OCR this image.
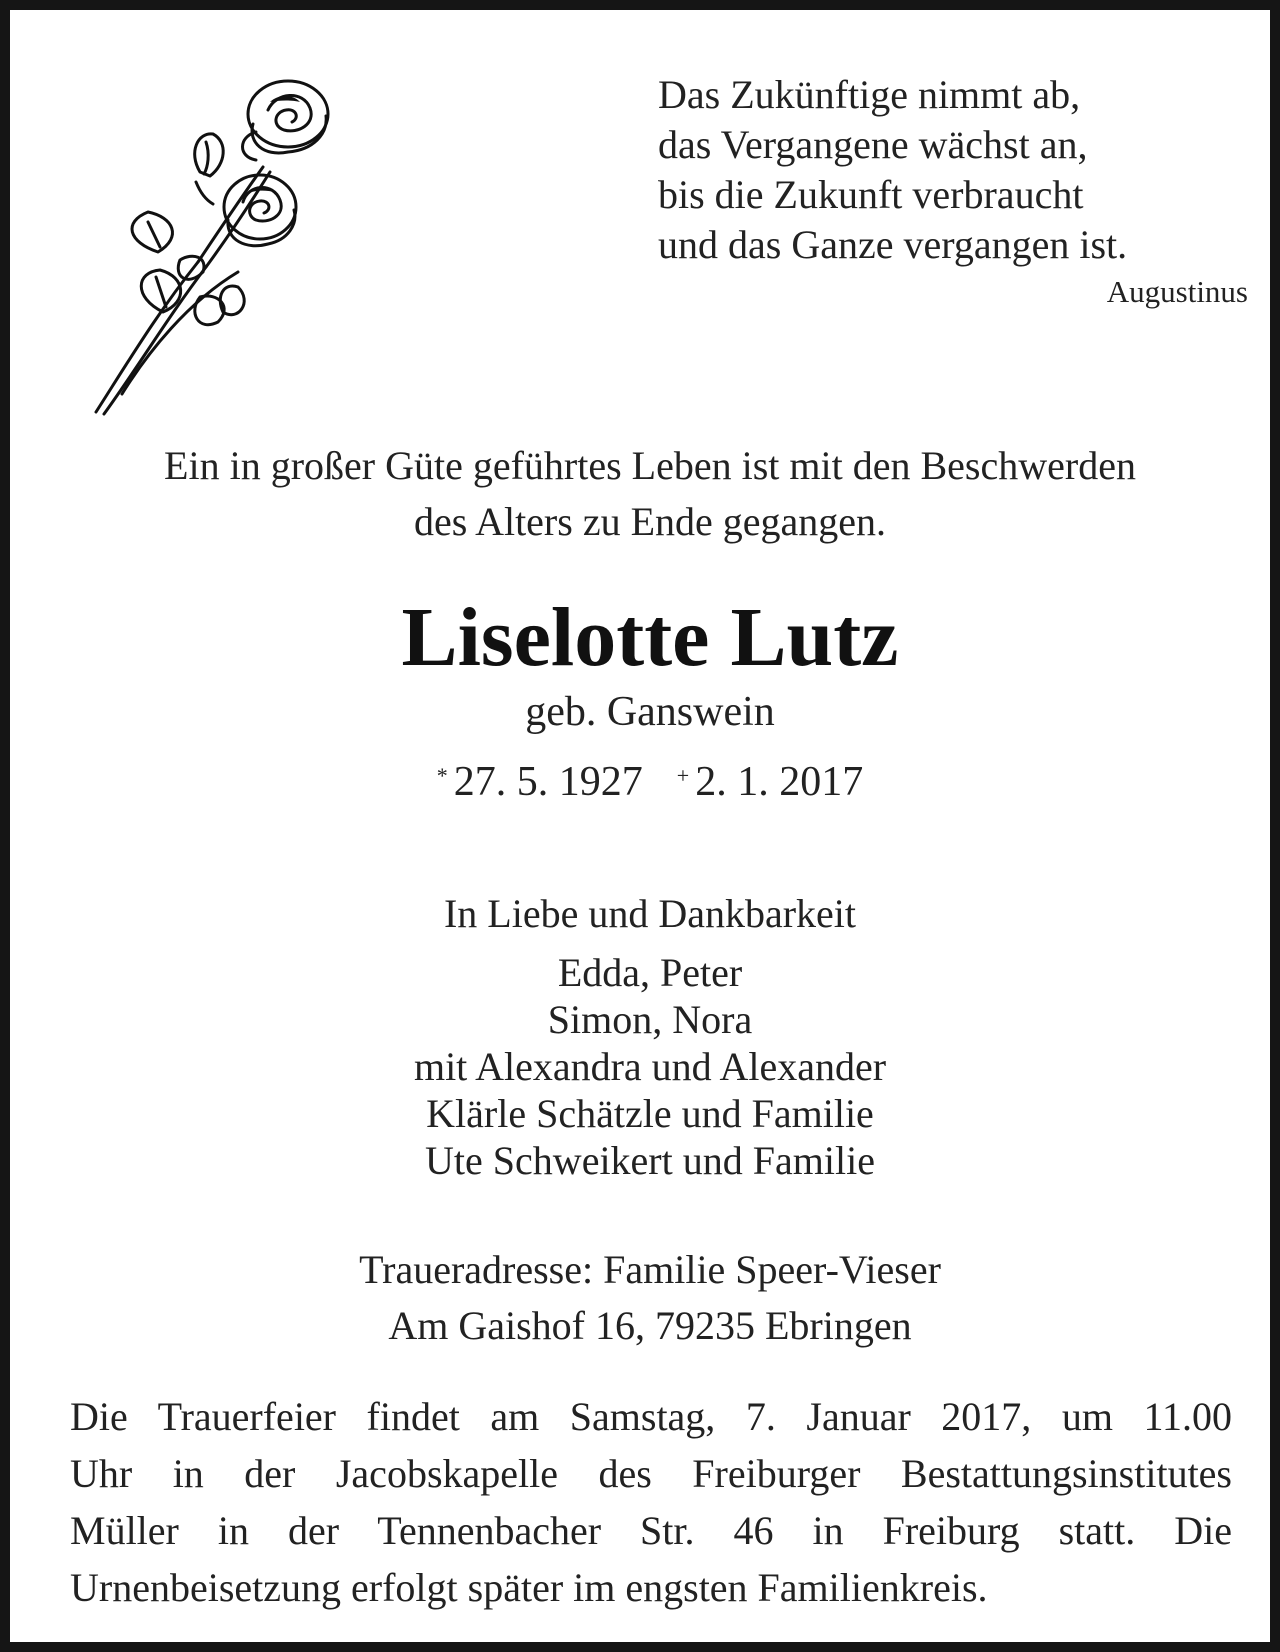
Das Zukünftige nimmt ab,
das Vergangene wächst an,
bis die Zukunft verbraucht
und das Ganze vergangen ist.
Augustinus
Ein in großer Güte geführtes Leben ist mit den Beschwerden
des Alters zu Ende gegangen.
Liselotte Lutz
geb. Ganswein
* 27. 5. 1927 + 2. 1. 2017
In Liebe und Dankbarkeit
Edda, Peter
Simon, Nora
mit Alexandra und Alexander
Klärle Schätzle und Familie
Ute Schweikert und Familie
Traueradresse: Familie Speer-Vieser
Am Gaishof 16, 79235 Ebringen
Die Trauerfeier findet am Samstag, 7. Januar 2017, um 11.00
Uhr in der Jacobskapelle des Freiburger Bestattungsinstitutes
Müller in der Tennenbacher Str. 46 in Freiburg statt. Die
Urnenbeisetzung erfolgt später im engsten Familienkreis.
